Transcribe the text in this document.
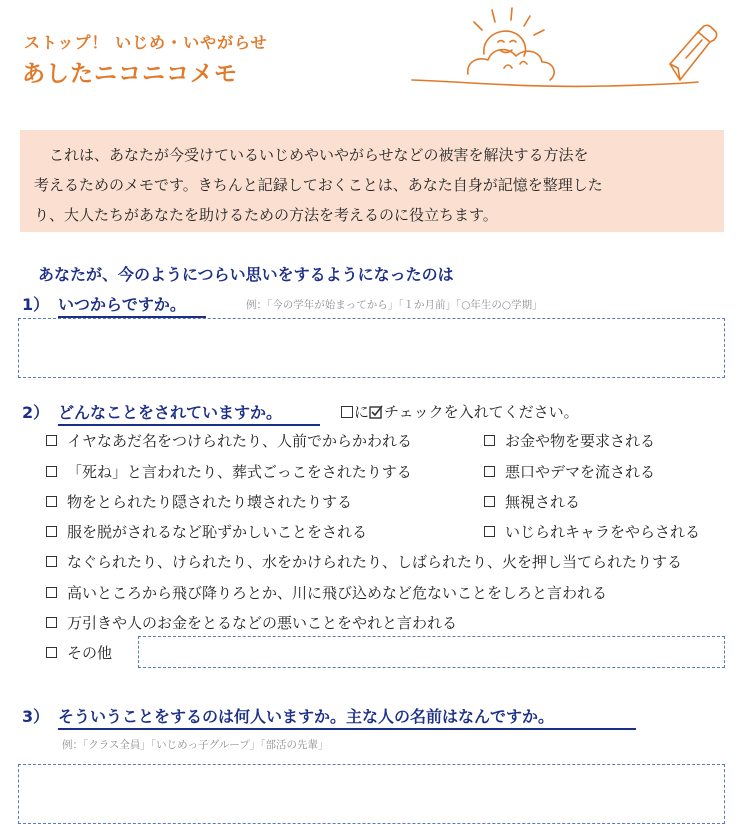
ストップ！ いじめ・いやがらせ
あしたニコニコメモ

　これは、あなたが今受けているいじめやいやがらせなどの被害を解決する方法を

考えるためのメモです。きちんと記録しておくことは、あなた自身が記憶を整理した

り、大人たちがあなたを助けるための方法を考えるのに役立ちます。

あなたが、今のようにつらい思いをするようになったのは
1） いつからですか。	例：「今の学年が始まってから」「１か月前」「○年生の○学期」
2） どんなことをされていますか。	に チェックを入れてください。
イヤなあだ名をつけられたり、人前でからかわれる
「死ね」と言われたり、葬式ごっこをされたりする
物をとられたり隠されたり壊されたりする
服を脱がされるなど恥ずかしいことをされる
お金や物を要求される
悪口やデマを流される
無視される
いじられキャラをやらされる
なぐられたり、けられたり、水をかけられたり、しばられたり、火を押し当てられたりする
高いところから飛び降りろとか、川に飛び込めなど危ないことをしろと言われる
万引きや人のお金をとるなどの悪いことをやれと言われる
その他
3） そういうことをするのは何人いますか。主な人の名前はなんですか。
例：「クラス全員」「いじめっ子グループ」「部活の先輩」
